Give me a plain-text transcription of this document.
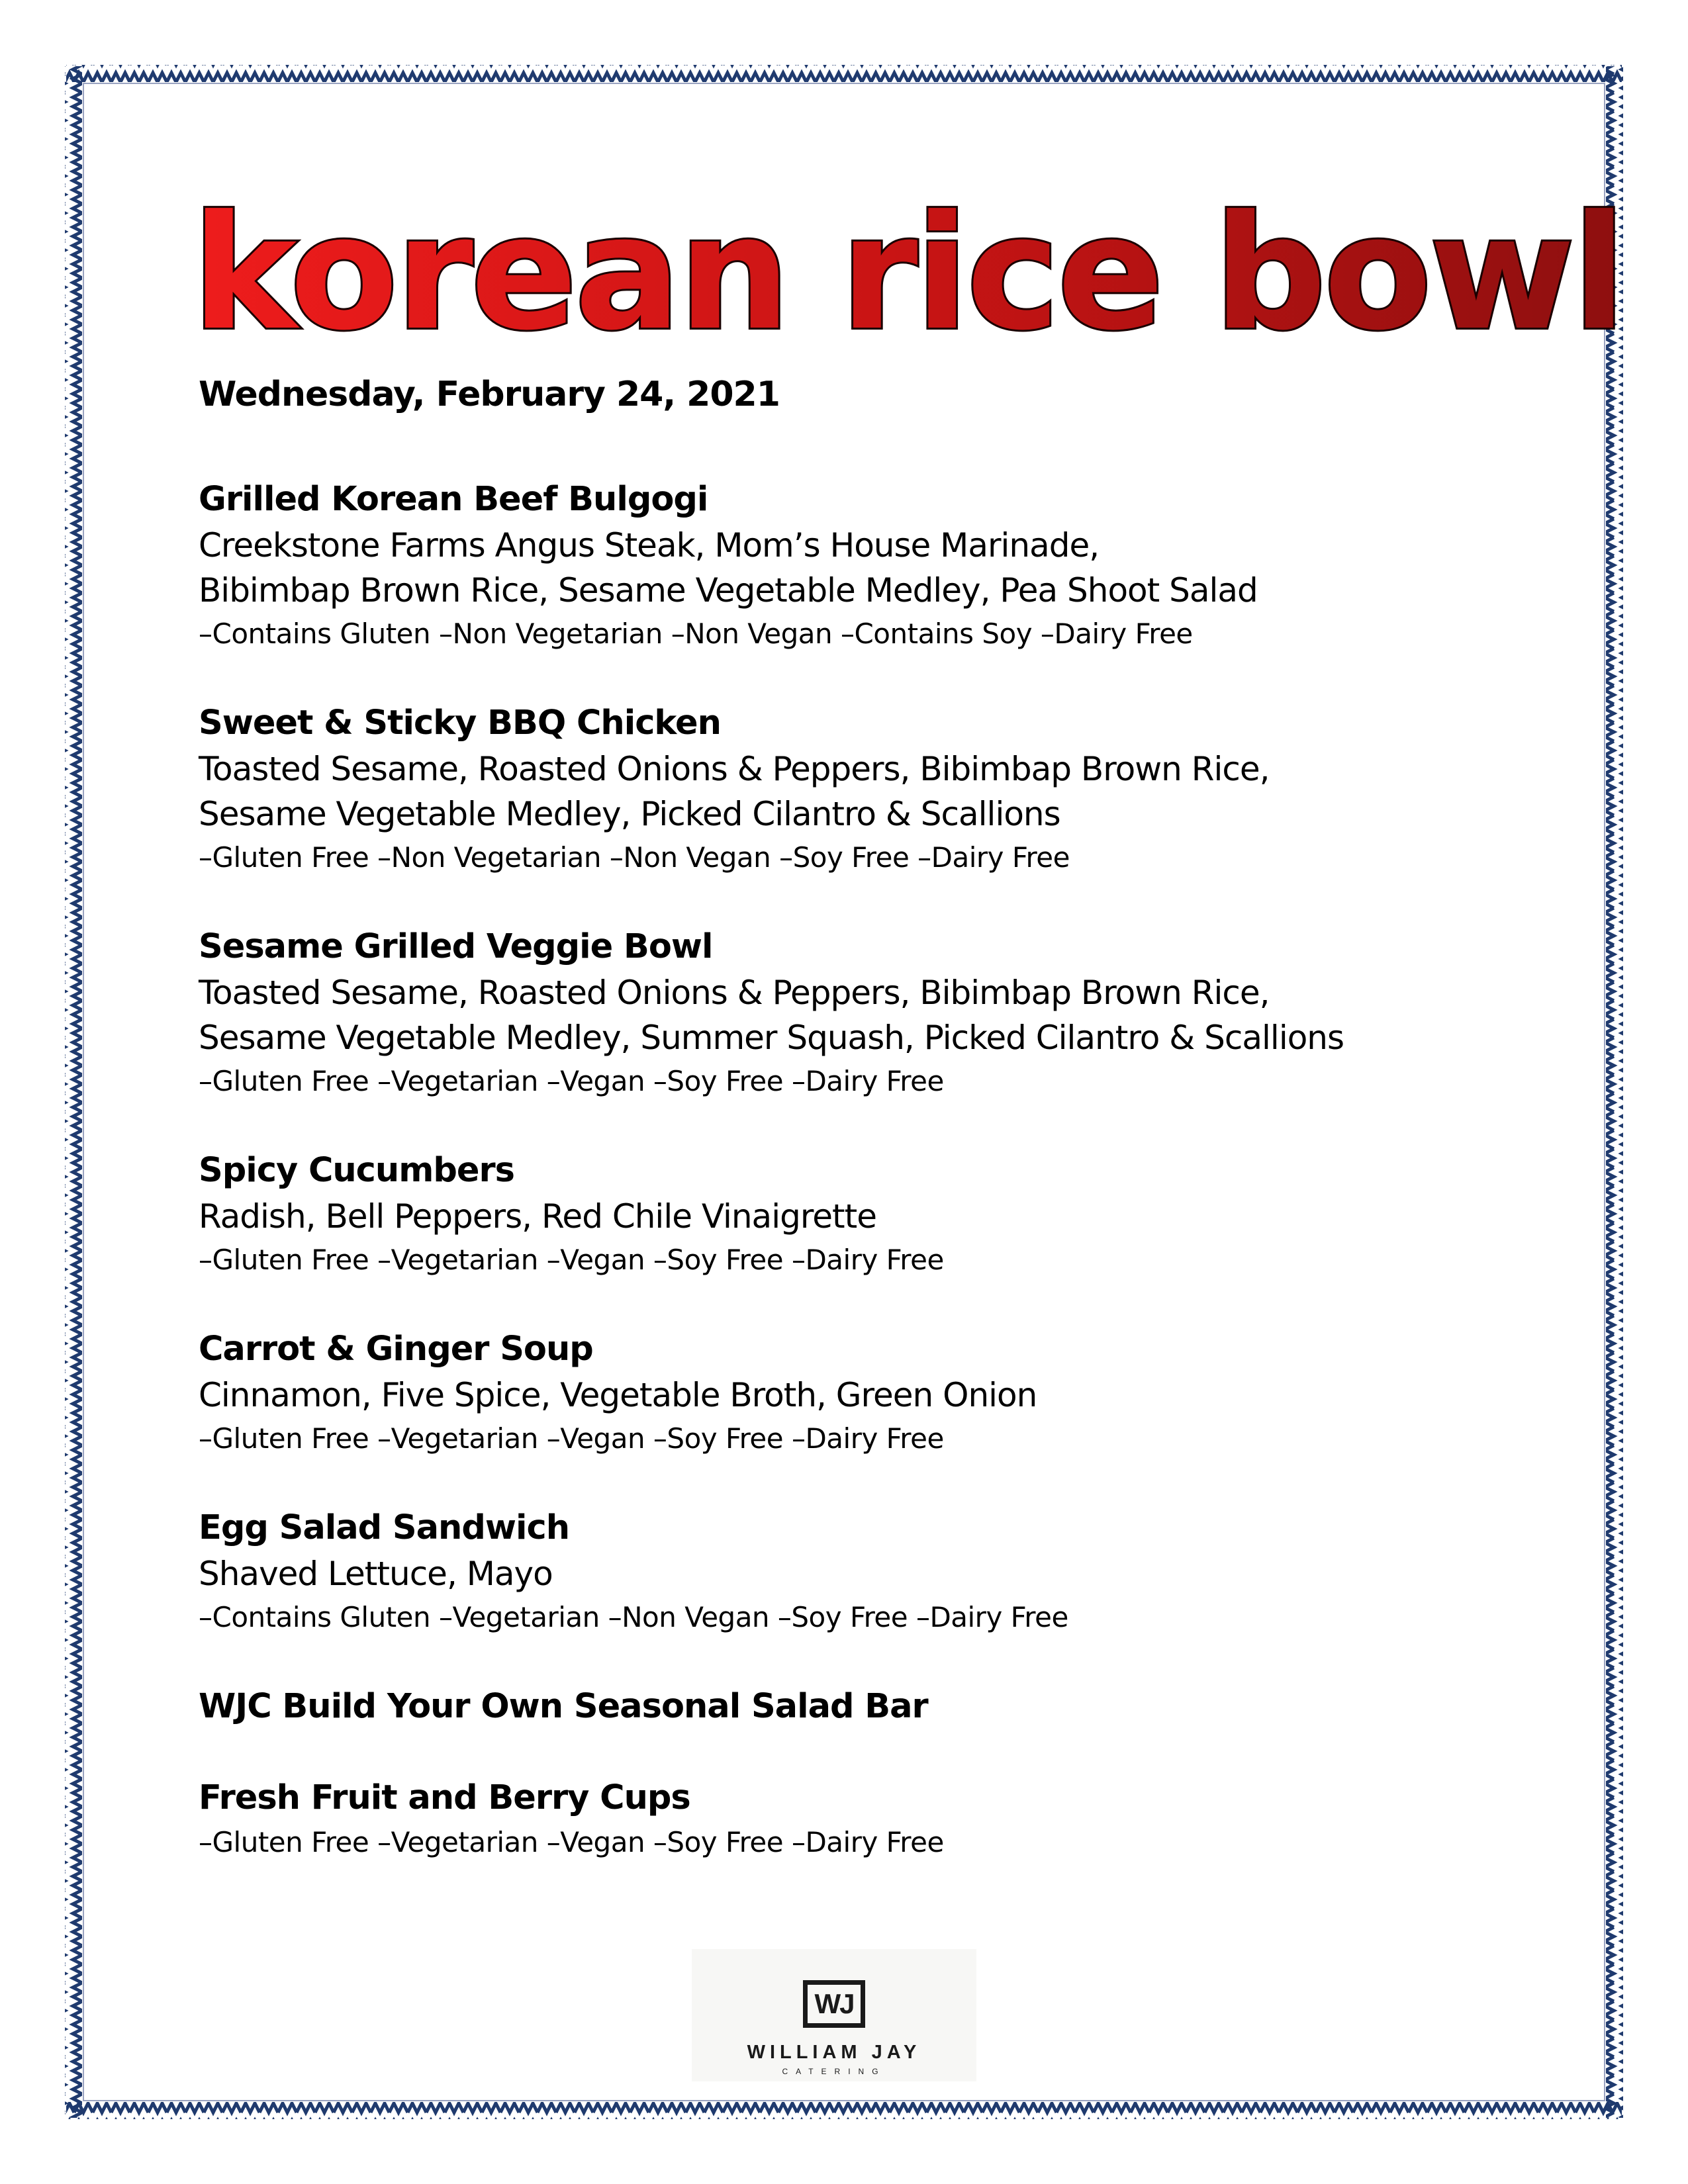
korean rice bowl
Wednesday, February 24, 2021
Grilled Korean Beef Bulgogi
Creekstone Farms Angus Steak, Mom’s House Marinade,
Bibimbap Brown Rice, Sesame Vegetable Medley, Pea Shoot Salad
–Contains Gluten –Non Vegetarian –Non Vegan –Contains Soy –Dairy Free
Sweet & Sticky BBQ Chicken
Toasted Sesame, Roasted Onions & Peppers, Bibimbap Brown Rice,
Sesame Vegetable Medley, Picked Cilantro & Scallions
–Gluten Free –Non Vegetarian –Non Vegan –Soy Free –Dairy Free
Sesame Grilled Veggie Bowl
Toasted Sesame, Roasted Onions & Peppers, Bibimbap Brown Rice,
Sesame Vegetable Medley, Summer Squash, Picked Cilantro & Scallions
–Gluten Free –Vegetarian –Vegan –Soy Free –Dairy Free
Spicy Cucumbers
Radish, Bell Peppers, Red Chile Vinaigrette
–Gluten Free –Vegetarian –Vegan –Soy Free –Dairy Free
Carrot & Ginger Soup
Cinnamon, Five Spice, Vegetable Broth, Green Onion
–Gluten Free –Vegetarian –Vegan –Soy Free –Dairy Free
Egg Salad Sandwich
Shaved Lettuce, Mayo
–Contains Gluten –Vegetarian –Non Vegan –Soy Free –Dairy Free
WJC Build Your Own Seasonal Salad Bar
Fresh Fruit and Berry Cups
–Gluten Free –Vegetarian –Vegan –Soy Free –Dairy Free
WJ
WILLIAM JAY
CATERING
